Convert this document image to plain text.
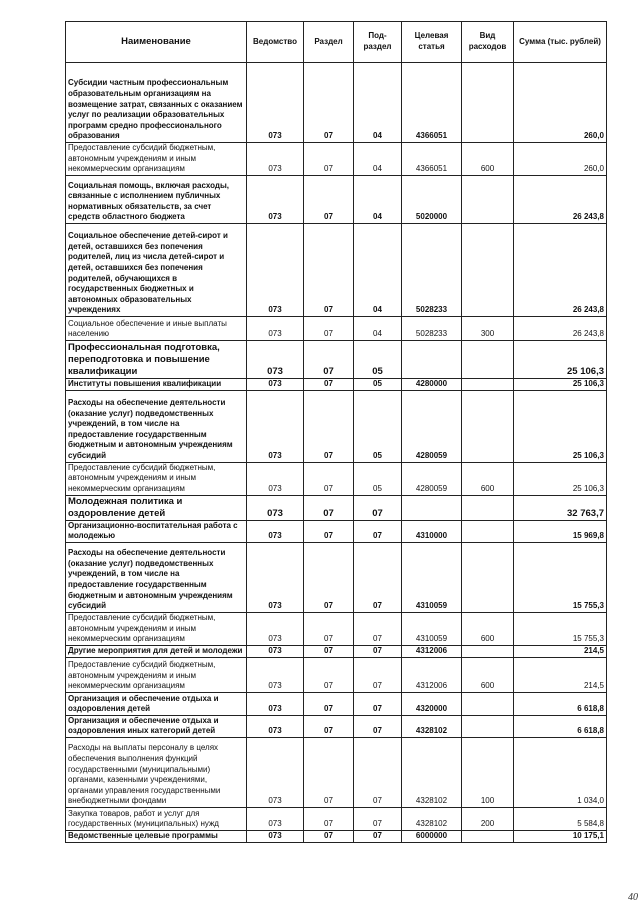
Наименование	Ведомство	Раздел	Под-раздел	Целевая статья	Вид расходов	Сумма (тыс. рублей)
Субсидии частным профессиональным образовательным организациям на возмещение затрат, связанных с оказанием услуг по реализации образовательных программ средно профессионального образования	073	07	04	4366051		260,0
Предоставление субсидий бюджетным, автономным учреждениям и иным некоммерческим организациям	073	07	04	4366051	600	260,0
Социальная помощь, включая расходы, связанные с исполнением публичных нормативных обязательств, за счет средств областного бюджета	073	07	04	5020000		26 243,8
Социальное обеспечение детей-сирот и детей, оставшихся без попечения родителей, лиц из числа детей-сирот и детей, оставшихся без попечения родителей, обучающихся в государственных бюджетных и автономных образовательных учреждениях	073	07	04	5028233		26 243,8
Социальное обеспечение и иные выплаты населению	073	07	04	5028233	300	26 243,8
Профессиональная подготовка, переподготовка и повышение квалификации	073	07	05			25 106,3
Институты повышения квалификации	073	07	05	4280000		25 106,3
Расходы на обеспечение деятельности (оказание услуг) подведомственных учреждений, в том числе на предоставление государственным бюджетным и автономным учреждениям субсидий	073	07	05	4280059		25 106,3
Предоставление субсидий бюджетным, автономным учреждениям и иным некоммерческим организациям	073	07	05	4280059	600	25 106,3
Молодежная политика и оздоровление детей	073	07	07			32 763,7
Организационно-воспитательная работа с молодежью	073	07	07	4310000		15 969,8
Расходы на обеспечение деятельности (оказание услуг) подведомственных учреждений, в том числе на предоставление государственным бюджетным и автономным учреждениям субсидий	073	07	07	4310059		15 755,3
Предоставление субсидий бюджетным, автономным учреждениям и иным некоммерческим организациям	073	07	07	4310059	600	15 755,3
Другие мероприятия для детей и молодежи	073	07	07	4312006		214,5
Предоставление субсидий бюджетным, автономным учреждениям и иным некоммерческим организациям	073	07	07	4312006	600	214,5
Организация и обеспечение отдыха и оздоровления детей	073	07	07	4320000		6 618,8
Организация и обеспечение отдыха и оздоровления иных категорий детей	073	07	07	4328102		6 618,8
Расходы на выплаты персоналу в целях обеспечения выполнения функций государственными (муниципальными) органами, казенными учреждениями, органами управления государственными внебюджетными фондами	073	07	07	4328102	100	1 034,0
Закупка товаров, работ и услуг для государственных (муниципальных) нужд	073	07	07	4328102	200	5 584,8
Ведомственные целевые программы	073	07	07	6000000		10 175,1
40
